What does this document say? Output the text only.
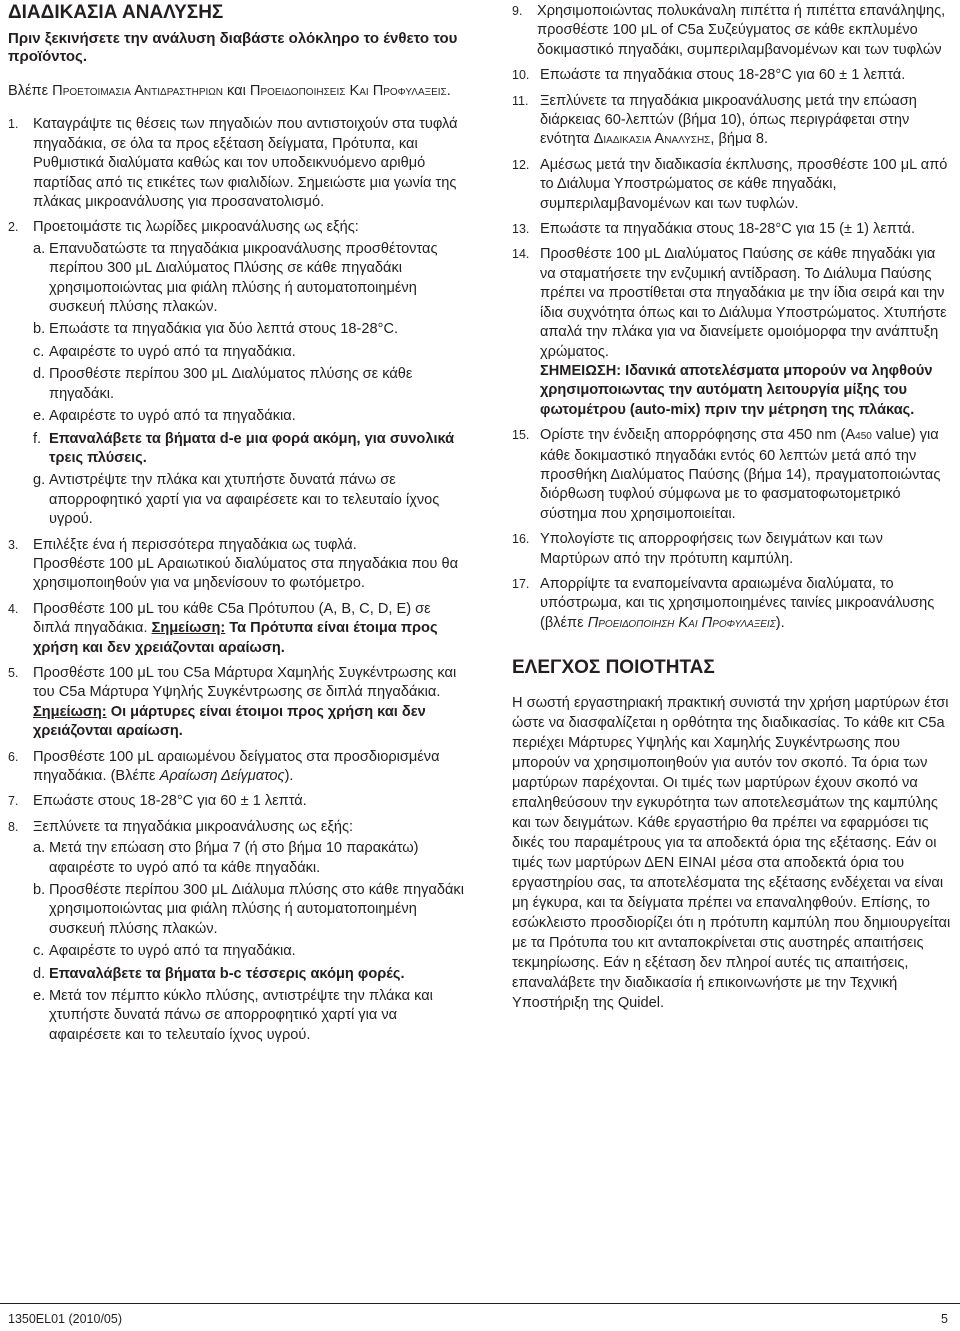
ΔΙΑΔΙΚΑΣΙΑ ΑΝΑΛΥΣΗΣ

Πριν ξεκινήσετε την ανάλυση διαβάστε ολόκληρο το ένθετο του προϊόντος.

Βλέπε Προετοιμασια Αντιδραστηριων και Προειδοποιησεις Και Προφυλαξεις.

1. Καταγράψτε τις θέσεις των πηγαδιών που αντιστοιχούν στα τυφλά πηγαδάκια, σε όλα τα προς εξέταση δείγματα, Πρότυπα, και Ρυθμιστικά διαλύματα καθώς και τον υποδεικνυόμενο αριθμό παρτίδας από τις ετικέτες των φιαλιδίων. Σημειώστε μια γωνία της πλάκας μικροανάλυσης για προσανατολισμό.
2. Προετοιμάστε τις λωρίδες μικροανάλυσης ως εξής:
a. Επανυδατώστε τα πηγαδάκια μικροανάλυσης προσθέτοντας περίπου 300 μL Διαλύματος Πλύσης σε κάθε πηγαδάκι χρησιμοποιώντας μια φιάλη πλύσης ή αυτοματοποιημένη συσκευή πλύσης πλακών.
b. Επωάστε τα πηγαδάκια για δύο λεπτά στους 18-28°C.
c. Αφαιρέστε το υγρό από τα πηγαδάκια.
d. Προσθέστε περίπου 300 μL Διαλύματος πλύσης σε κάθε πηγαδάκι.
e. Αφαιρέστε το υγρό από τα πηγαδάκια.
f. Επαναλάβετε τα βήματα d-e μια φορά ακόμη, για συνολικά τρεις πλύσεις.
g. Αντιστρέψτε την πλάκα και χτυπήστε δυνατά πάνω σε απορροφητικό χαρτί για να αφαιρέσετε και το τελευταίο ίχνος υγρού.
3. Επιλέξτε ένα ή περισσότερα πηγαδάκια ως τυφλά.
Προσθέστε 100 μL Αραιωτικού διαλύματος στα πηγαδάκια που θα χρησιμοποιηθούν για να μηδενίσουν το φωτόμετρο.
4. Προσθέστε 100 μL του κάθε C5a Πρότυπου (A, B, C, D, E) σε διπλά πηγαδάκια. Σημείωση: Τα Πρότυπα είναι έτοιμα προς χρήση και δεν χρειάζονται αραίωση.
5. Προσθέστε 100 μL του C5a Μάρτυρα Χαμηλής Συγκέντρωσης και του C5a Μάρτυρα Υψηλής Συγκέντρωσης σε διπλά πηγαδάκια. Σημείωση: Οι μάρτυρες είναι έτοιμοι προς χρήση και δεν χρειάζονται αραίωση.
6. Προσθέστε 100 μL αραιωμένου δείγματος στα προσδιορισμένα πηγαδάκια. (Βλέπε Αραίωση Δείγματος).
7. Επωάστε στους 18-28°C για 60 ± 1 λεπτά.
8. Ξεπλύνετε τα πηγαδάκια μικροανάλυσης ως εξής:
a. Μετά την επώαση στο βήμα 7 (ή στο βήμα 10 παρακάτω) αφαιρέστε το υγρό από τα κάθε πηγαδάκι.
b. Προσθέστε περίπου 300 μL Διάλυμα πλύσης στο κάθε πηγαδάκι χρησιμοποιώντας μια φιάλη πλύσης ή αυτοματοποιημένη συσκευή πλύσης πλακών.
c. Αφαιρέστε το υγρό από τα πηγαδάκια.
d. Επαναλάβετε τα βήματα b-c τέσσερις ακόμη φορές.
e. Μετά τον πέμπτο κύκλο πλύσης, αντιστρέψτε την πλάκα και χτυπήστε δυνατά πάνω σε απορροφητικό χαρτί για να αφαιρέσετε και το τελευταίο ίχνος υγρού.
9. Χρησιμοποιώντας πολυκάναλη πιπέττα ή πιπέττα επανάληψης, προσθέστε 100 μL of C5a Συζεύγματος σε κάθε εκπλυμένο δοκιμαστικό πηγαδάκι, συμπεριλαμβανομένων και των τυφλών
10. Επωάστε τα πηγαδάκια στους 18-28°C για 60 ± 1 λεπτά.
11. Ξεπλύνετε τα πηγαδάκια μικροανάλυσης μετά την επώαση διάρκειας 60-λεπτών (βήμα 10), όπως περιγράφεται στην ενότητα Διαδικασια Αναλυσησ, βήμα 8.
12. Αμέσως μετά την διαδικασία έκπλυσης, προσθέστε 100 μL από το Διάλυμα Υποστρώματος σε κάθε πηγαδάκι, συμπεριλαμβανομένων και των τυφλών.
13. Επωάστε τα πηγαδάκια στους 18-28°C για 15 (± 1) λεπτά.
14. Προσθέστε 100 μL Διαλύματος Παύσης σε κάθε πηγαδάκι για να σταματήσετε την ενζυμική αντίδραση. Το Διάλυμα Παύσης πρέπει να προστίθεται στα πηγαδάκια με την ίδια σειρά και την ίδια συχνότητα όπως και το Διάλυμα Υποστρώματος. Χτυπήστε απαλά την πλάκα για να διανείμετε ομοιόμορφα την ανάπτυξη χρώματος.
ΣΗΜΕΙΩΣΗ: Ιδανικά αποτελέσματα μπορούν να ληφθούν χρησιμοποιωντας την αυτόματη λειτουργία μίξης του φωτομέτρου (auto-mix) πριν την μέτρηση της πλάκας.
15. Ορίστε την ένδειξη απορρόφησης στα 450 nm (A450 value) για κάθε δοκιμαστικό πηγαδάκι εντός 60 λεπτών μετά από την προσθήκη Διαλύματος Παύσης (βήμα 14), πραγματοποιώντας διόρθωση τυφλού σύμφωνα με το φασματοφωτομετρικό σύστημα που χρησιμοποιείται.
16. Υπολογίστε τις απορροφήσεις των δειγμάτων και των Μαρτύρων από την πρότυπη καμπύλη.
17. Απορρίψτε τα εναπομείναντα αραιωμένα διαλύματα, το υπόστρωμα, και τις χρησιμοποιημένες ταινίες μικροανάλυσης (βλέπε Προειδοποιηση Και Προφυλαξεισ).

ΕΛΕΓΧΟΣ ΠΟΙΟΤΗΤΑΣ

Η σωστή εργαστηριακή πρακτική συνιστά την χρήση μαρτύρων έτσι ώστε να διασφαλίζεται η ορθότητα της διαδικασίας. Το κάθε κιτ C5a περιέχει Μάρτυρες Υψηλής και Χαμηλής Συγκέντρωσης που μπορούν να χρησιμοποιηθούν για αυτόν τον σκοπό. Τα όρια των μαρτύρων παρέχονται. Οι τιμές των μαρτύρων έχουν σκοπό να επαληθεύσουν την εγκυρότητα των αποτελεσμάτων της καμπύλης και των δειγμάτων. Κάθε εργαστήριο θα πρέπει να εφαρμόσει τις δικές του παραμέτρους για τα αποδεκτά όρια της εξέτασης. Εάν οι τιμές των μαρτύρων ΔΕΝ ΕΙΝΑΙ μέσα στα αποδεκτά όρια του εργαστηρίου σας, τα αποτελέσματα της εξέτασης ενδέχεται να είναι μη έγκυρα, και τα δείγματα πρέπει να επαναληφθούν. Επίσης, το εσώκλειστο προσδιορίζει ότι η πρότυπη καμπύλη που δημιουργείται με τα Πρότυπα του κιτ ανταποκρίνεται στις αυστηρές απαιτήσεις τεκμηρίωσης. Εάν η εξέταση δεν πληροί αυτές τις απαιτήσεις, επαναλάβετε την διαδικασία ή επικοινωνήστε με την Τεχνική Υποστήριξη της Quidel.

1350EL01 (2010/05)	5
